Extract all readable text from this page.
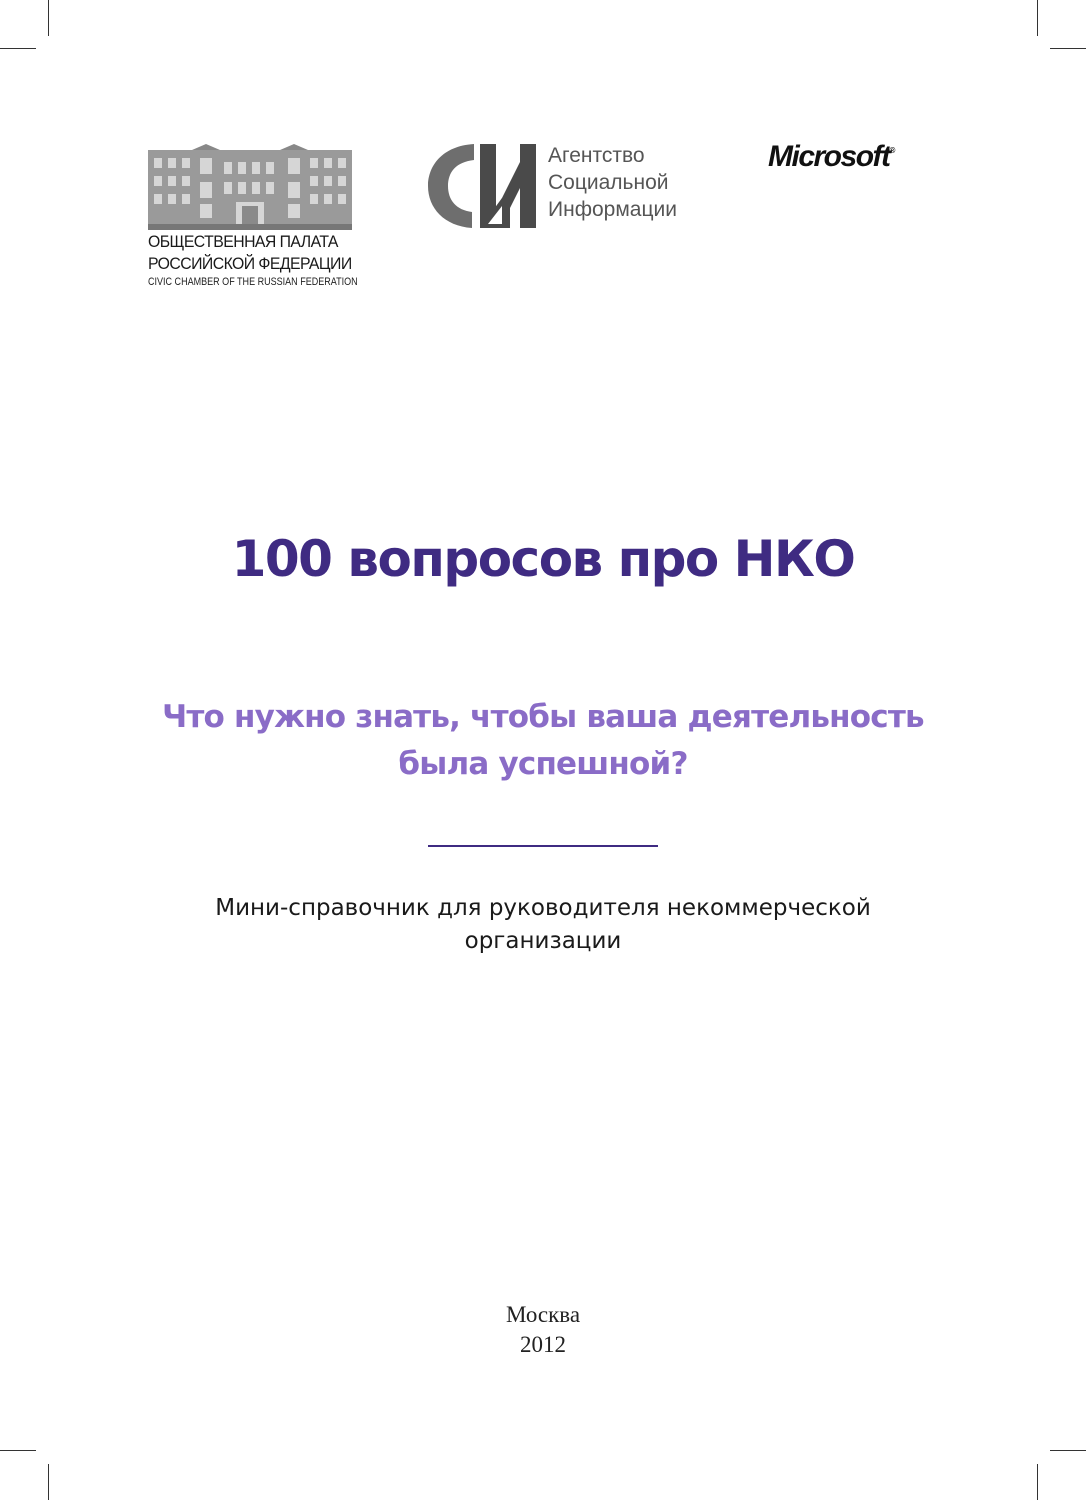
ОБЩЕСТВЕННАЯ ПАЛАТА
РОССИЙСКОЙ ФЕДЕРАЦИИ
CIVIC CHAMBER OF THE RUSSIAN FEDERATION
Агентство
Социальной
Информации
Microsoft®
100 вопросов про НКО
Что нужно знать, чтобы ваша деятельность
была успешной?
Мини-справочник для руководителя некоммерческой
организации
Москва
2012
